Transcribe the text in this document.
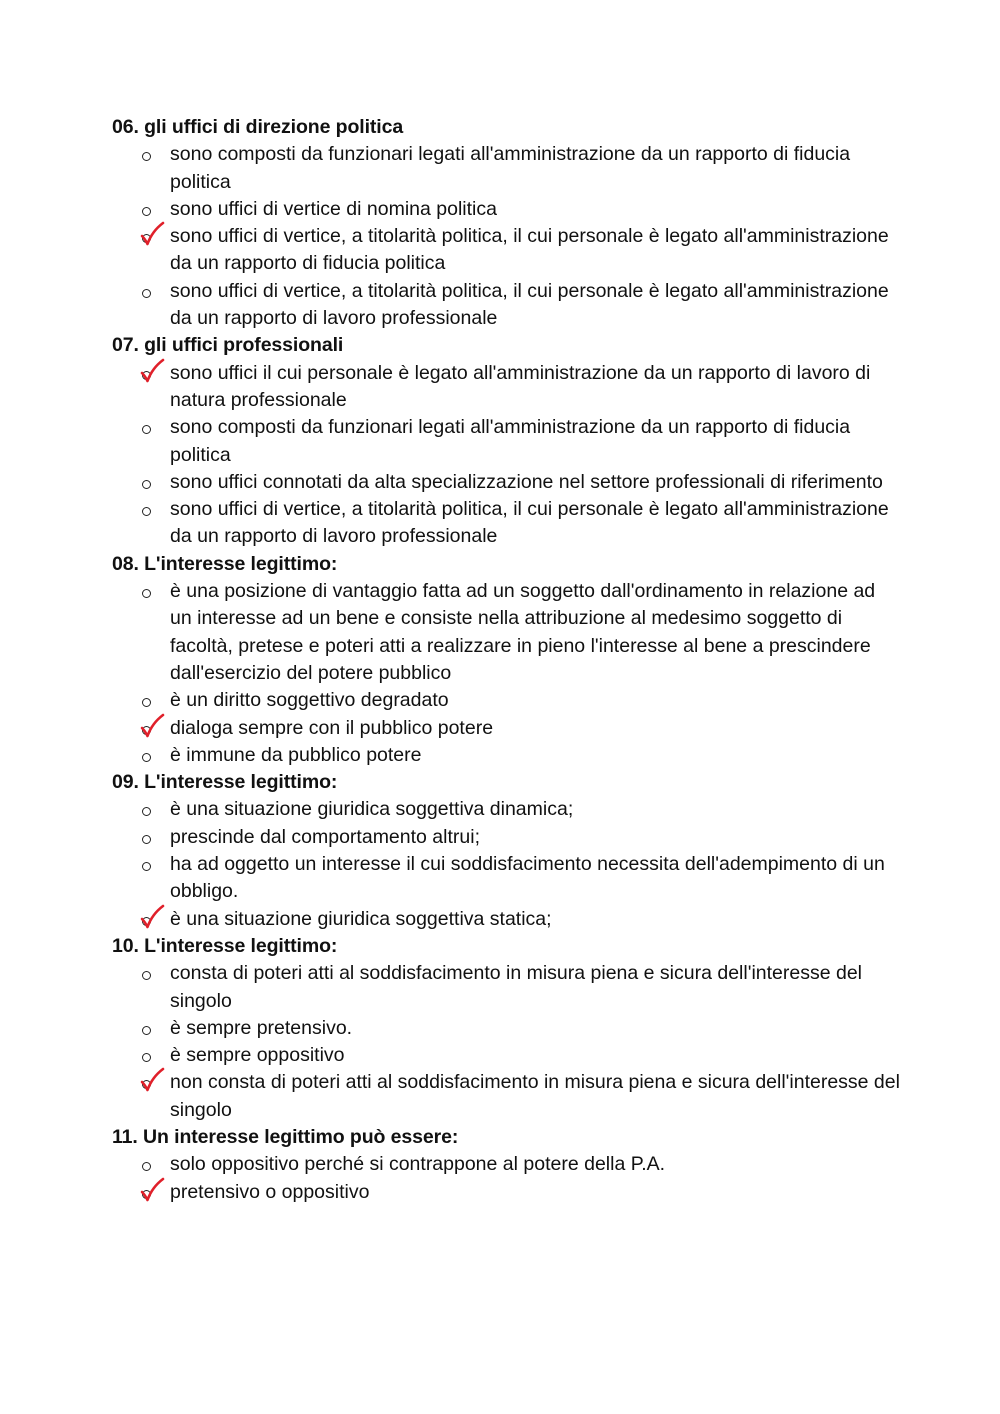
06. gli uffici di direzione politica

sono composti da funzionari legati all'amministrazione da un rapporto di fiducia politica
sono uffici di vertice di nomina politica
sono uffici di vertice, a titolarità politica, il cui personale è legato all'amministrazione da un rapporto di fiducia politica
sono uffici di vertice, a titolarità politica, il cui personale è legato all'amministrazione da un rapporto di lavoro professionale

07. gli uffici professionali

sono uffici il cui personale è legato all'amministrazione da un rapporto di lavoro di natura professionale
sono composti da funzionari legati all'amministrazione da un rapporto di fiducia politica
sono uffici connotati da alta specializzazione nel settore professionali di riferimento
sono uffici di vertice, a titolarità politica, il cui personale è legato all'amministrazione da un rapporto di lavoro professionale

08. L'interesse legittimo:

è una posizione di vantaggio fatta ad un soggetto dall'ordinamento in relazione ad un interesse ad un bene e consiste nella attribuzione al medesimo soggetto di facoltà, pretese e poteri atti a realizzare in pieno l'interesse al bene a prescindere dall'esercizio del potere pubblico
è un diritto soggettivo degradato
dialoga sempre con il pubblico potere
è immune da pubblico potere

09. L'interesse legittimo:

è una situazione giuridica soggettiva dinamica;
prescinde dal comportamento altrui;
ha ad oggetto un interesse il cui soddisfacimento necessita dell'adempimento di un obbligo.
è una situazione giuridica soggettiva statica;

10. L'interesse legittimo:

consta di poteri atti al soddisfacimento in misura piena e sicura dell'interesse del singolo
è sempre pretensivo.
è sempre oppositivo
non consta di poteri atti al soddisfacimento in misura piena e sicura dell'interesse del singolo

11. Un interesse legittimo può essere:

solo oppositivo perché si contrappone al potere della P.A.
pretensivo o oppositivo
